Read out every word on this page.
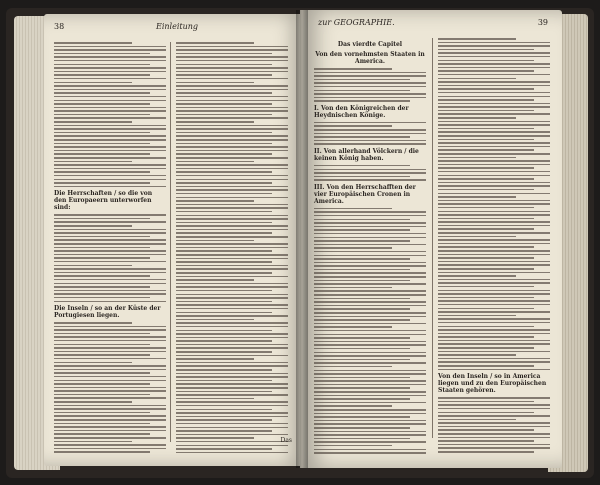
38	Einleitung
Die Herrschaften / so die von den Europaeern unterworfen sind:
Die Inseln / so an der Küste der Portugiesen liegen.
Das
zur GEOGRAPHIE.	39
Das vierdte Capitel
Von den vornehmsten Staaten in America.
I. Von den Königreichen der Heydnischen Könige.
II. Von allerhand Völckern / die keinen König haben.
III. Von den Herrschafften der vier Europäischen Cronen in America.
Von den Inseln / so in America liegen und zu den Europäischen Staaten gehören.
